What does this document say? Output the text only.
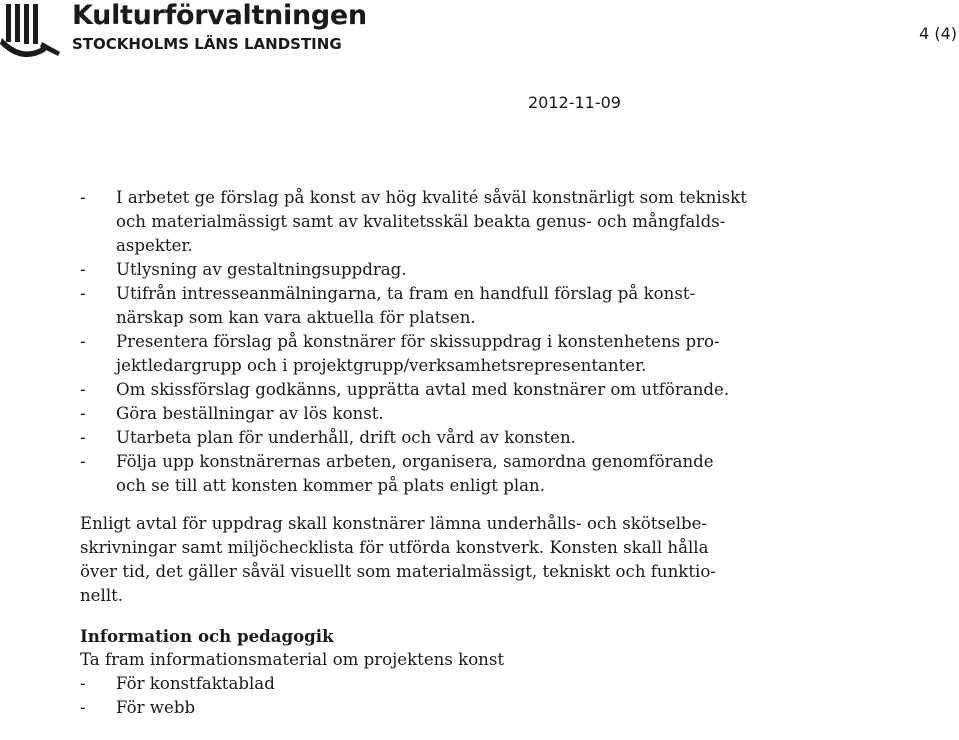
Kulturförvaltningen
STOCKHOLMS LÄNS LANDSTING
4 (4)
2012-11-09
- I arbetet ge förslag på konst av hög kvalité såväl konstnärligt som tekniskt
och materialmässigt samt av kvalitetsskäl beakta genus- och mångfalds-
aspekter.
- Utlysning av gestaltningsuppdrag.
- Utifrån intresseanmälningarna, ta fram en handfull förslag på konst-
närskap som kan vara aktuella för platsen.
- Presentera förslag på konstnärer för skissuppdrag i konstenhetens pro-
jektledargrupp och i projektgrupp/verksamhetsrepresentanter.
- Om skissförslag godkänns, upprätta avtal med konstnärer om utförande.
- Göra beställningar av lös konst.
- Utarbeta plan för underhåll, drift och vård av konsten.
- Följa upp konstnärernas arbeten, organisera, samordna genomförande
och se till att konsten kommer på plats enligt plan.
Enligt avtal för uppdrag skall konstnärer lämna underhålls- och skötselbe-
skrivningar samt miljöchecklista för utförda konstverk. Konsten skall hålla
över tid, det gäller såväl visuellt som materialmässigt, tekniskt och funktio-
nellt.
Information och pedagogik
Ta fram informationsmaterial om projektens konst
- För konstfaktablad
- För webb
